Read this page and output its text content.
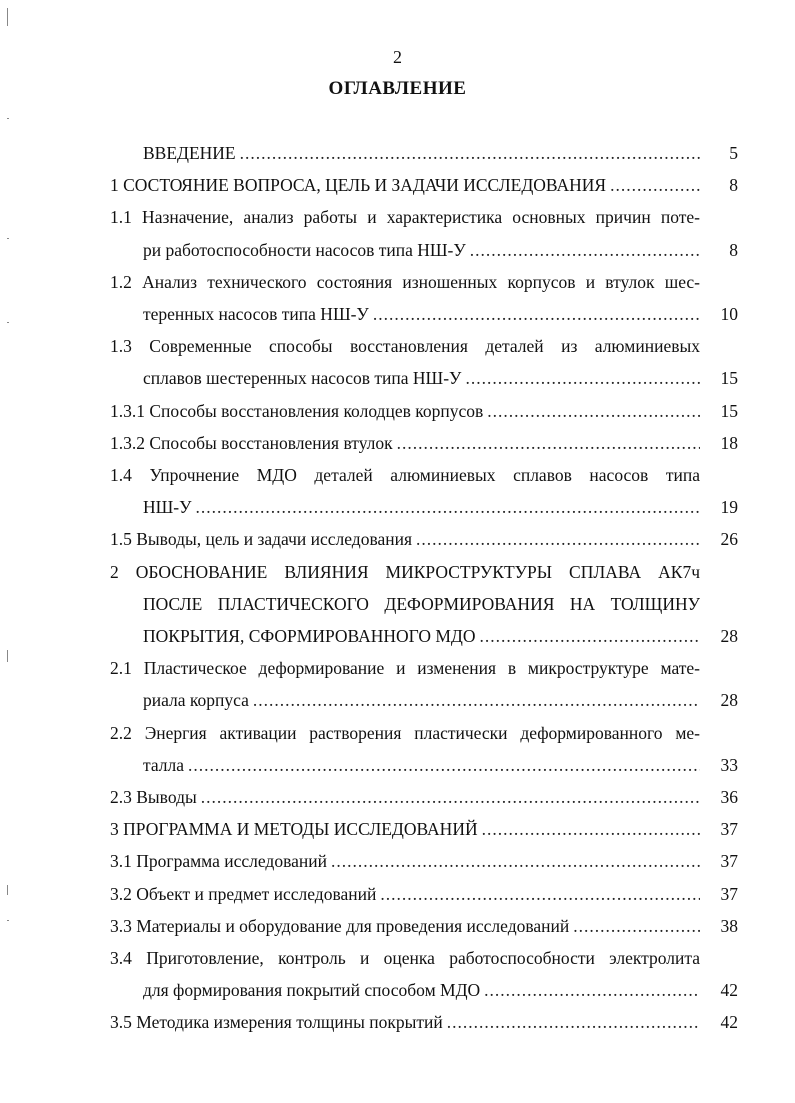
2
ОГЛАВЛЕНИЕ
ВВЕДЕНИЕ .....	5
1 СОСТОЯНИЕ ВОПРОСА, ЦЕЛЬ И ЗАДАЧИ ИССЛЕДОВАНИЯ .....	8
1.1 Назначение, анализ работы и характеристика основных причин поте-
ри работоспособности насосов типа НШ-У .....	8
1.2 Анализ технического состояния изношенных корпусов и втулок шес-
теренных насосов типа НШ-У .....	10
1.3 Современные способы восстановления деталей из алюминиевых
сплавов шестеренных насосов типа НШ-У .....	15
1.3.1 Способы восстановления колодцев корпусов .....	15
1.3.2 Способы восстановления втулок .....	18
1.4 Упрочнение МДО деталей алюминиевых сплавов насосов типа
НШ-У .....	19
1.5 Выводы, цель и задачи исследования .....	26
2 ОБОСНОВАНИЕ ВЛИЯНИЯ МИКРОСТРУКТУРЫ СПЛАВА АК7ч
ПОСЛЕ ПЛАСТИЧЕСКОГО ДЕФОРМИРОВАНИЯ НА ТОЛЩИНУ
ПОКРЫТИЯ, СФОРМИРОВАННОГО МДО .....	28
2.1 Пластическое деформирование и изменения в микроструктуре мате-
риала корпуса .....	28
2.2 Энергия активации растворения пластически деформированного ме-
талла .....	33
2.3 Выводы .....	36
3 ПРОГРАММА И МЕТОДЫ ИССЛЕДОВАНИЙ .....	37
3.1 Программа исследований .....	37
3.2 Объект и предмет исследований .....	37
3.3 Материалы и оборудование для проведения исследований .....	38
3.4 Приготовление, контроль и оценка работоспособности электролита
для формирования покрытий способом МДО .....	42
3.5 Методика измерения толщины покрытий .....	42
